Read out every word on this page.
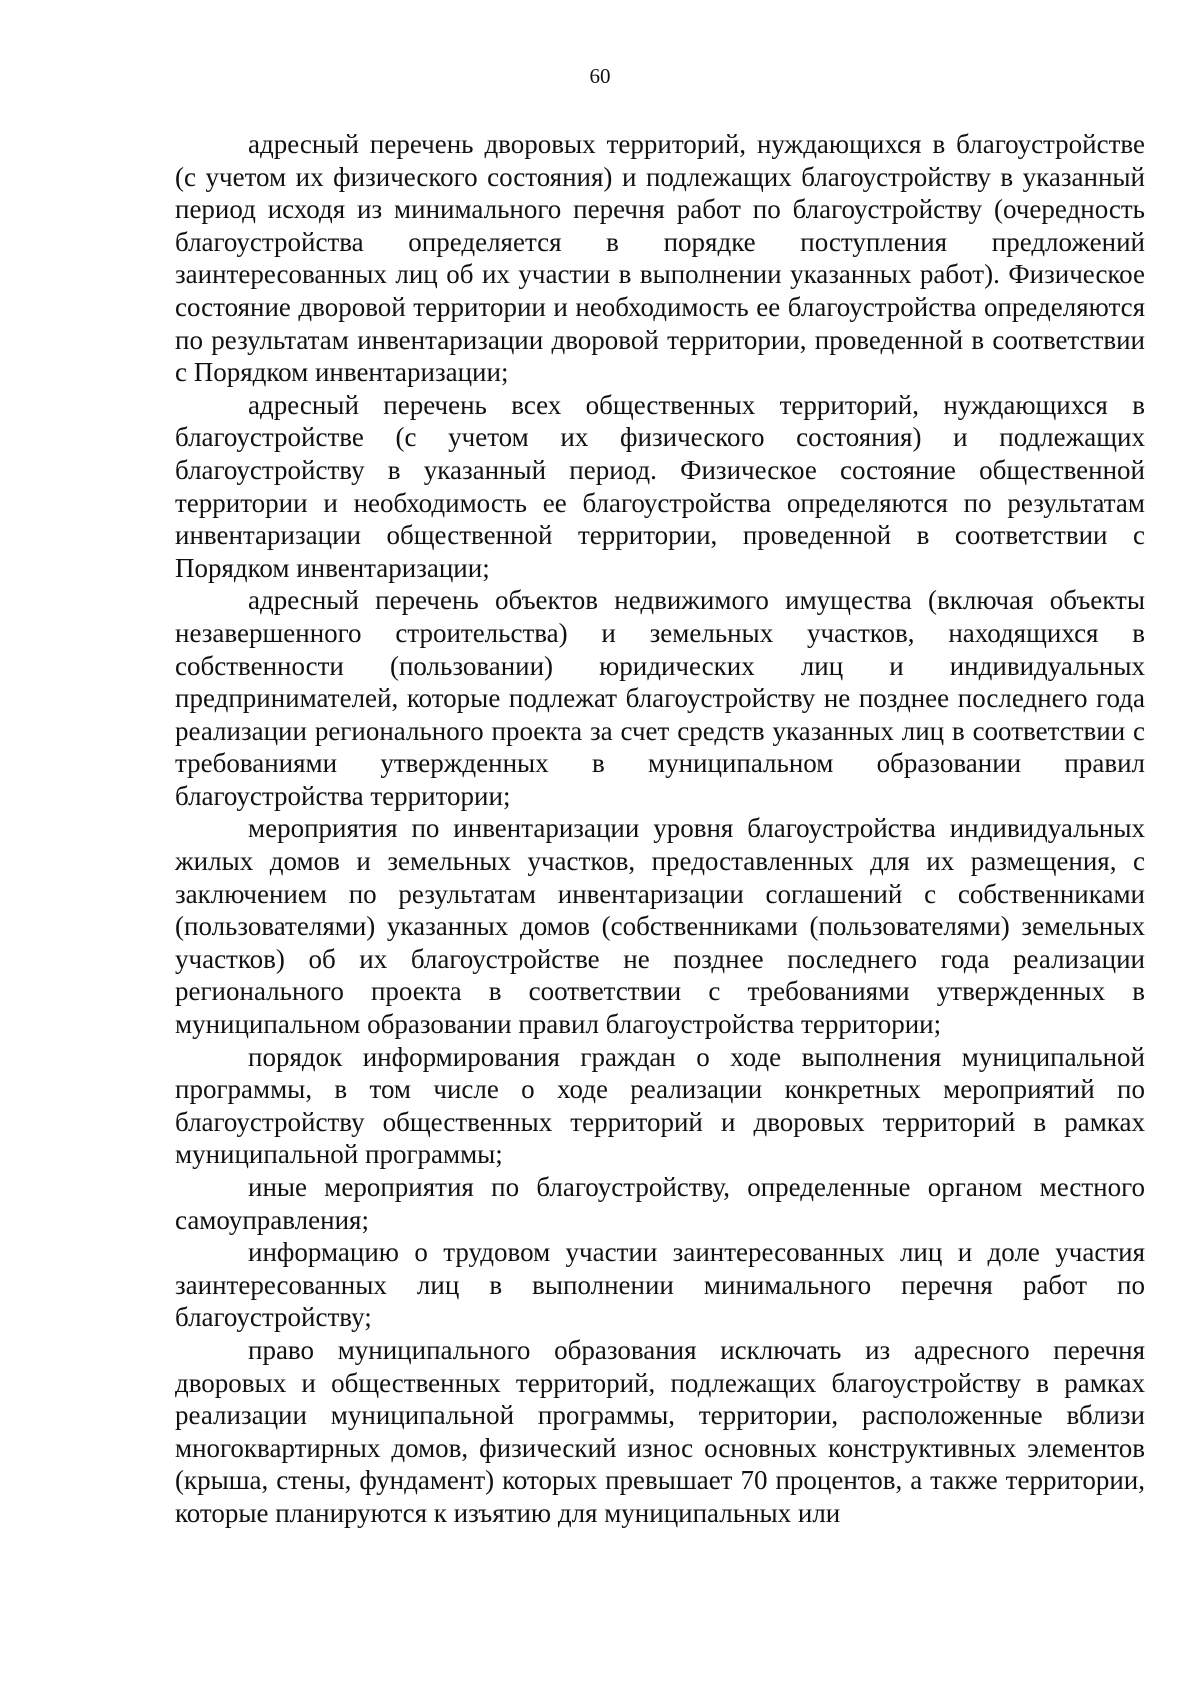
60

адресный перечень дворовых территорий, нуждающихся в благоустройстве (с учетом их физического состояния) и подлежащих благоустройству в указанный период исходя из минимального перечня работ по благоустройству (очередность благоустройства определяется в порядке поступления предложений заинтересованных лиц об их участии в выполнении указанных работ). Физическое состояние дворовой территории и необходимость ее благоустройства определяются по результатам инвентаризации дворовой территории, проведенной в соответствии с Порядком инвентаризации;

адресный перечень всех общественных территорий, нуждающихся в благоустройстве (с учетом их физического состояния) и подлежащих благоустройству в указанный период. Физическое состояние общественной территории и необходимость ее благоустройства определяются по результатам инвентаризации общественной территории, проведенной в соответствии с Порядком инвентаризации;

адресный перечень объектов недвижимого имущества (включая объекты незавершенного строительства) и земельных участков, находящихся в собственности (пользовании) юридических лиц и индивидуальных предпринимателей, которые подлежат благоустройству не позднее последнего года реализации регионального проекта за счет средств указанных лиц в соответствии с требованиями утвержденных в муниципальном образовании правил благоустройства территории;

мероприятия по инвентаризации уровня благоустройства индивидуальных жилых домов и земельных участков, предоставленных для их размещения, с заключением по результатам инвентаризации соглашений с собственниками (пользователями) указанных домов (собственниками (пользователями) земельных участков) об их благоустройстве не позднее последнего года реализации регионального проекта в соответствии с требованиями утвержденных в муниципальном образовании правил благоустройства территории;

порядок информирования граждан о ходе выполнения муниципальной программы, в том числе о ходе реализации конкретных мероприятий по благоустройству общественных территорий и дворовых территорий в рамках муниципальной программы;

иные мероприятия по благоустройству, определенные органом местного самоуправления;

информацию о трудовом участии заинтересованных лиц и доле участия заинтересованных лиц в выполнении минимального перечня работ по благоустройству;

право муниципального образования исключать из адресного перечня дворовых и общественных территорий, подлежащих благоустройству в рамках реализации муниципальной программы, территории, расположенные вблизи многоквартирных домов, физический износ основных конструктивных элементов (крыша, стены, фундамент) которых превышает 70 процентов, а также территории, которые планируются к изъятию для муниципальных или
